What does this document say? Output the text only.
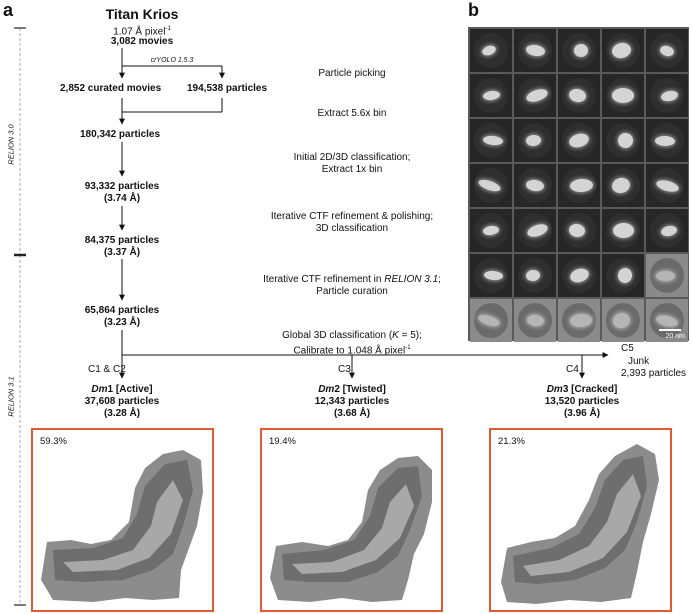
a	b
RELION 3.0
RELION 3.1
Titan Krios
1.07 Å pixel$^{-1}$
3,082 movies
crYOLO 1.5.3
2,852 curated movies	194,538 particles
180,342 particles
93,332 particles
(3.74 Å)
84,375 particles
(3.37 Å)
65,864 particles
(3.23 Å)
Particle picking
Extract 5.6x bin
Initial 2D/3D classification;
Extract 1x bin
Iterative CTF refinement & polishing;
3D classification
Iterative CTF refinement in RELION 3.1;
Particle curation
Global 3D classification (K = 5);
Calibrate to 1.048 Å pixel$^{-1}$
C1 & C2	C3	C4
C5
Junk
2,393 particles
Dm1 [Active]
37,608 particles
(3.28 Å)
Dm2 [Twisted]
12,343 particles
(3.68 Å)
Dm3 [Cracked]
13,520 particles
(3.96 Å)
59.3%	19.4%	21.3%
20 nm
